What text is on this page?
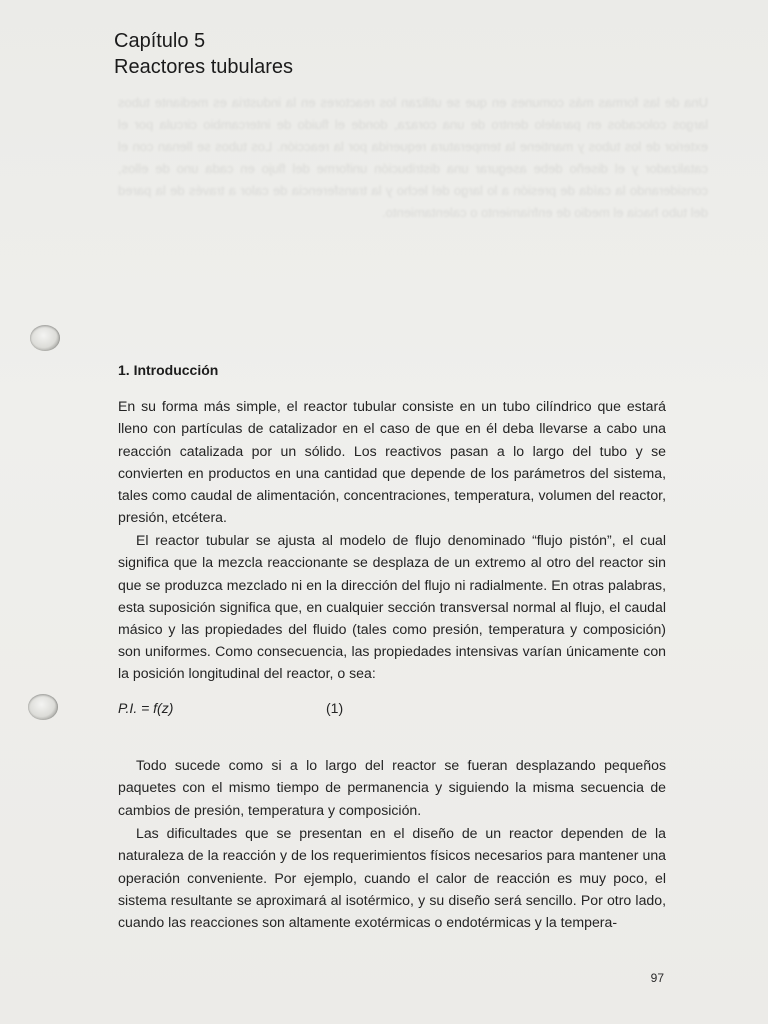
Una de las formas más comunes en que se utilizan los reactores en la industria es mediante tubos largos colocados en paralelo dentro de una coraza, donde el fluido de intercambio circula por el exterior de los tubos y mantiene la temperatura requerida por la reacción. Los tubos se llenan con el catalizador y el diseño debe asegurar una distribución uniforme del flujo en cada uno de ellos, considerando la caída de presión a lo largo del lecho y la transferencia de calor a través de la pared del tubo hacia el medio de enfriamiento o calentamiento.
Capítulo 5
Reactores tubulares
1. Introducción

En su forma más simple, el reactor tubular consiste en un tubo cilíndrico que estará lleno con partículas de catalizador en el caso de que en él deba llevarse a cabo una reacción catalizada por un sólido. Los reactivos pasan a lo largo del tubo y se convierten en productos en una cantidad que depende de los parámetros del sistema, tales como caudal de alimentación, concentraciones, temperatura, volumen del reactor, presión, etcétera.

El reactor tubular se ajusta al modelo de flujo denominado “flujo pistón”, el cual significa que la mezcla reaccionante se desplaza de un extremo al otro del reactor sin que se produzca mezclado ni en la dirección del flujo ni radialmente. En otras palabras, esta suposición significa que, en cualquier sección transversal normal al flujo, el caudal másico y las propiedades del fluido (tales como presión, temperatura y composición) son uniformes. Como consecuencia, las propiedades intensivas varían únicamente con la posición longitudinal del reactor, o sea:

P.I. = f(z)	(1)

Todo sucede como si a lo largo del reactor se fueran desplazando pequeños paquetes con el mismo tiempo de permanencia y siguiendo la misma secuencia de cambios de presión, temperatura y composición.

Las dificultades que se presentan en el diseño de un reactor dependen de la naturaleza de la reacción y de los requerimientos físicos necesarios para mantener una operación conveniente. Por ejemplo, cuando el calor de reacción es muy poco, el sistema resultante se aproximará al isotérmico, y su diseño será sencillo. Por otro lado, cuando las reacciones son altamente exotérmicas o endotérmicas y la tempera-

97
